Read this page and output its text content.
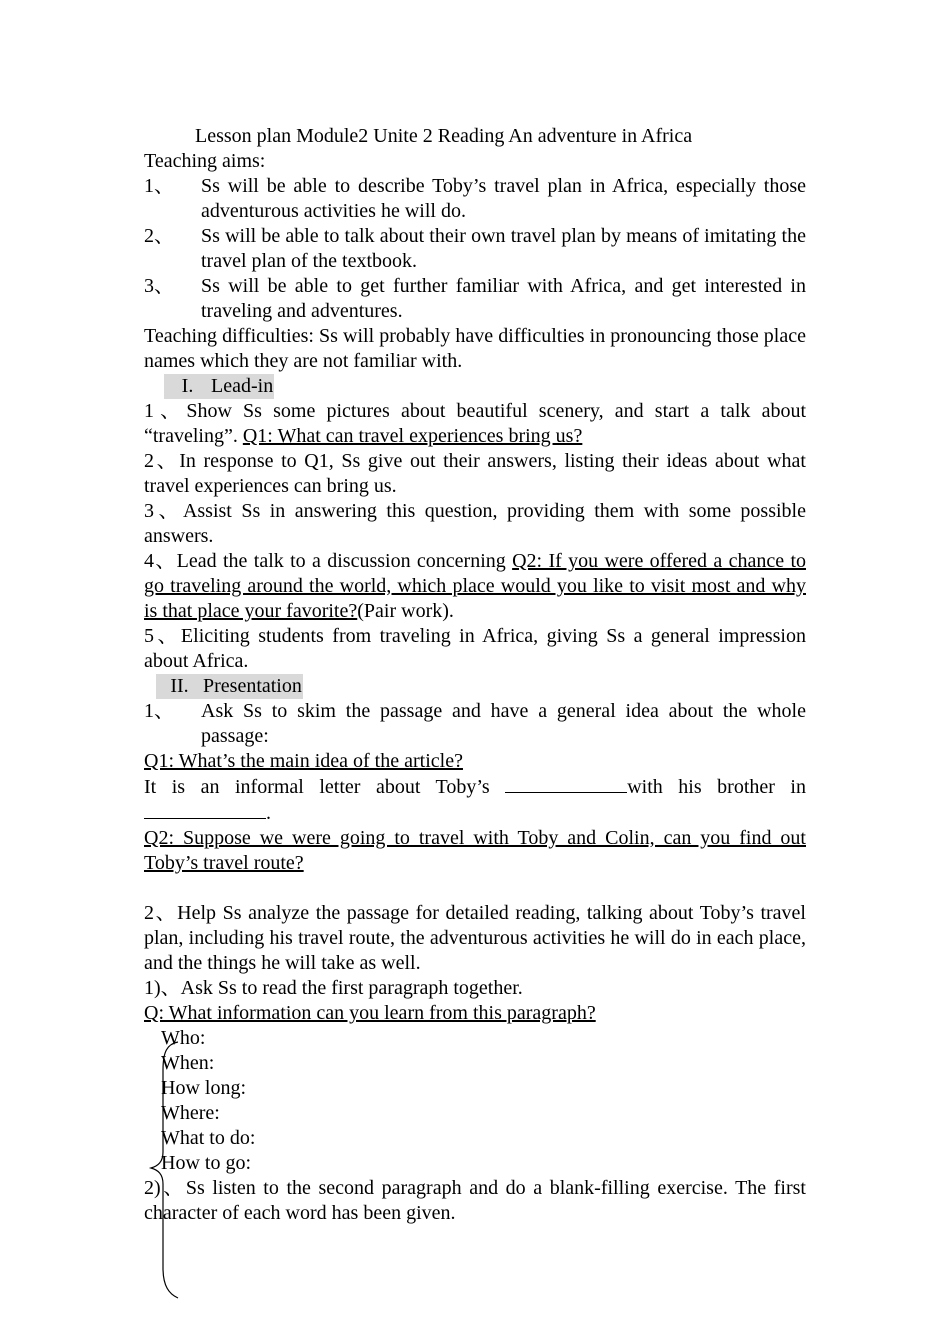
Lesson plan Module2 Unite 2 Reading An adventure in Africa

Teaching aims:

1、	Ss will be able to describe Toby’s travel plan in Africa, especially those adventurous activities he will do.
2、	Ss will be able to talk about their own travel plan by means of imitating the travel plan of the textbook.
3、	Ss will be able to get further familiar with Africa, and get interested in traveling and adventures.

Teaching difficulties: Ss will probably have difficulties in pronouncing those place names which they are not familiar with.

I. Lead-in

1、Show Ss some pictures about beautiful scenery, and start a talk about “traveling”. Q1: What can travel experiences bring us?

2、In response to Q1, Ss give out their answers, listing their ideas about what travel experiences can bring us.

3、Assist Ss in answering this question, providing them with some possible answers.

4、Lead the talk to a discussion concerning Q2: If you were offered a chance to go traveling around the world, which place would you like to visit most and why is that place your favorite?(Pair work).

5、Eliciting students from traveling in Africa, giving Ss a general impression about Africa.

II. Presentation
1、	Ask Ss to skim the passage and have a general idea about the whole passage:

Q1: What’s the main idea of the article?

It is an informal letter about Toby’s	with his brother in .

Q2: Suppose we were going to travel with Toby and Colin, can you find out Toby’s travel route?

2、Help Ss analyze the passage for detailed reading, talking about Toby’s travel plan, including his travel route, the adventurous activities he will do in each place, and the things he will take as well.

1)、Ask Ss to read the first paragraph together.

Q: What information can you learn from this paragraph?

Who:

When:

How long:

Where:

What to do:

How to go:

2)、Ss listen to the second paragraph and do a blank-filling exercise. The first character of each word has been given.
